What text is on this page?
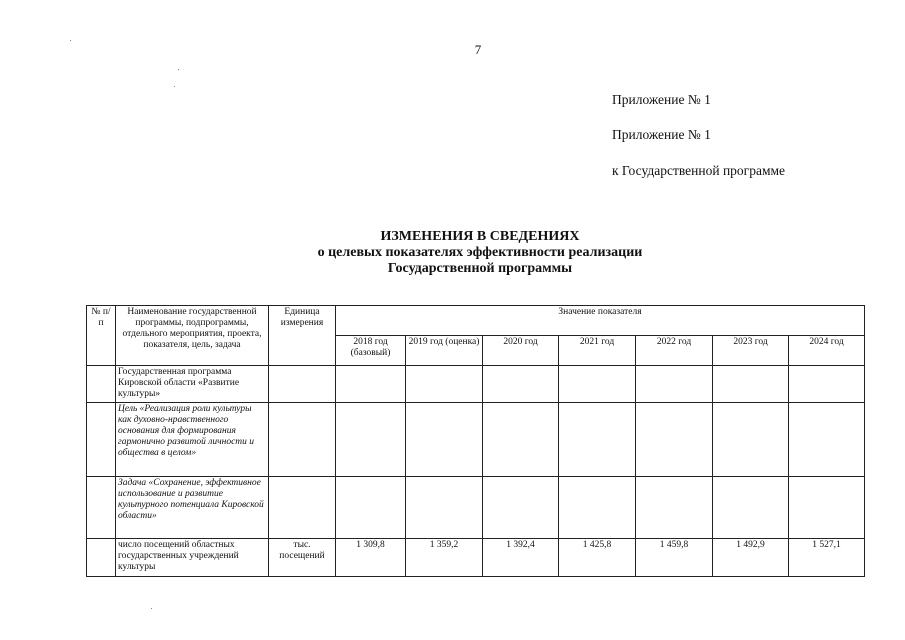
7
Приложение № 1
Приложение № 1
к Государственной программе
ИЗМЕНЕНИЯ В СВЕДЕНИЯХ
о целевых показателях эффективности реализации
Государственной программы
№ п/п	Наименование государственной программы, подпрограммы, отдельного мероприятия, проекта, показателя, цель, задача	Единица измерения	Значение показателя						
			2018 год (базовый)	2019 год (оценка)	2020 год	2021 год	2022 год	2023 год	2024 год
	Государственная программа Кировской области «Развитие культуры»								
	Цель «Реализация роли культуры как духовно-нравственного основания для формирования гармонично развитой личности и общества в целом»								
	Задача «Сохранение, эффективное использование и развитие культурного потенциала Кировской области»								
	число посещений областных государственных учреждений культуры	тыс. посещений	1 309,8	1 359,2	1 392,4	1 425,8	1 459,8	1 492,9	1 527,1
